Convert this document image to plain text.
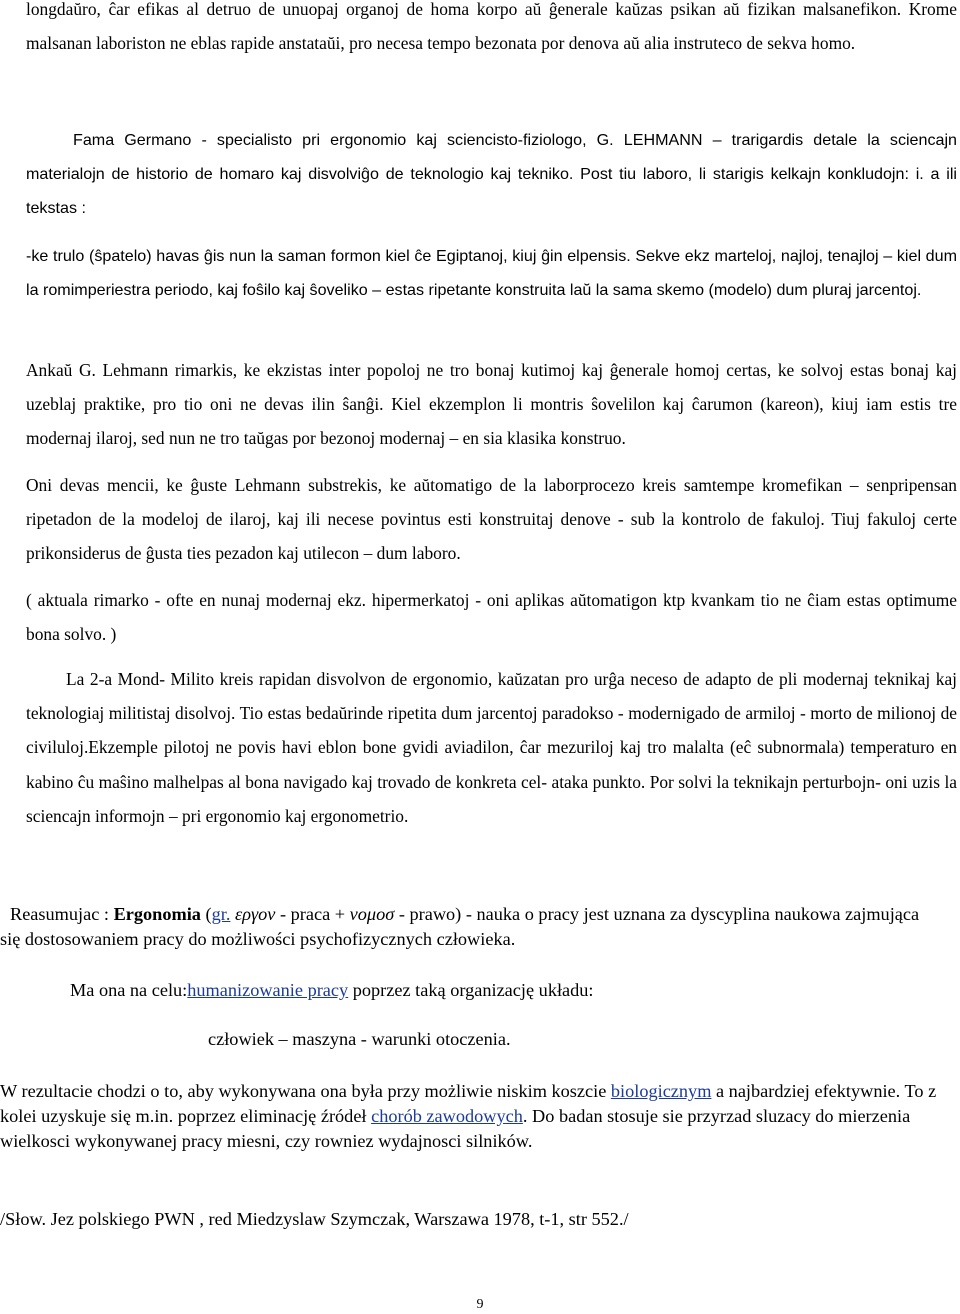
longdaŭro, ĉar efikas al detruo de unuopaj organoj de homa korpo aŭ ĝenerale kaŭzas psikan aŭ fizikan malsanefikon. Krome malsanan laboriston ne eblas rapide anstataŭi, pro necesa tempo bezonata por denova aŭ alia instruteco de sekva homo.

Fama Germano - specialisto pri ergonomio kaj sciencisto-fiziologo, G. LEHMANN – trarigardis detale la sciencajn materialojn de historio de homaro kaj disvolviĝo de teknologio kaj tekniko. Post tiu laboro, li starigis kelkajn konkludojn: i. a ili tekstas :

-ke trulo (ŝpatelo) havas ĝis nun la saman formon kiel ĉe Egiptanoj, kiuj ĝin elpensis. Sekve ekz marteloj, najloj, tenajloj – kiel dum la romimperiestra periodo, kaj foŝilo kaj ŝoveliko – estas ripetante konstruita laŭ la sama skemo (modelo) dum pluraj jarcentoj.

Ankaŭ G. Lehmann rimarkis, ke ekzistas inter popoloj ne tro bonaj kutimoj kaj ĝenerale homoj certas, ke solvoj estas bonaj kaj uzeblaj praktike, pro tio oni ne devas ilin ŝanĝi. Kiel ekzemplon li montris ŝovelilon kaj ĉarumon (kareon), kiuj iam estis tre modernaj ilaroj, sed nun ne tro taŭgas por bezonoj modernaj – en sia klasika konstruo.

Oni devas mencii, ke ĝuste Lehmann substrekis, ke aŭtomatigo de la laborprocezo kreis samtempe kromefikan – senpripensan ripetadon de la modeloj de ilaroj, kaj ili necese povintus esti konstruitaj denove - sub la kontrolo de fakuloj. Tiuj fakuloj certe prikonsiderus de ĝusta ties pezadon kaj utilecon – dum laboro.

( aktuala rimarko - ofte en nunaj modernaj ekz. hipermerkatoj - oni aplikas aŭtomatigon ktp kvankam tio ne ĉiam estas optimume bona solvo. )

La 2-a Mond- Milito kreis rapidan disvolvon de ergonomio, kaŭzatan pro urĝa neceso de adapto de pli modernaj teknikaj kaj teknologiaj militistaj disolvoj. Tio estas bedaŭrinde ripetita dum jarcentoj paradokso - modernigado de armiloj - morto de milionoj de civiluloj.Ekzemple pilotoj ne povis havi eblon bone gvidi aviadilon, ĉar mezuriloj kaj tro malalta (eĉ subnormala) temperaturo en kabino ĉu maŝino malhelpas al bona navigado kaj trovado de konkreta cel- ataka punkto. Por solvi la teknikajn perturbojn- oni uzis la sciencajn informojn – pri ergonomio kaj ergonometrio.

Reasumujac : Ergonomia (gr. εργον - praca + νομοσ - prawo) - nauka o pracy jest uznana za dyscyplina naukowa zajmująca się dostosowaniem pracy do możliwości psychofizycznych człowieka.

Ma ona na celu:humanizowanie pracy poprzez taką organizację układu:

człowiek – maszyna - warunki otoczenia.

W rezultacie chodzi o to, aby wykonywana ona była przy możliwie niskim koszcie biologicznym a najbardziej efektywnie. To z kolei uzyskuje się m.in. poprzez eliminację źródeł chorób zawodowych. Do badan stosuje sie przyrzad sluzacy do mierzenia wielkosci wykonywanej pracy miesni, czy rowniez wydajnosci silników.

/Słow. Jez polskiego PWN , red Miedzyslaw Szymczak, Warszawa 1978, t-1, str 552./

9
